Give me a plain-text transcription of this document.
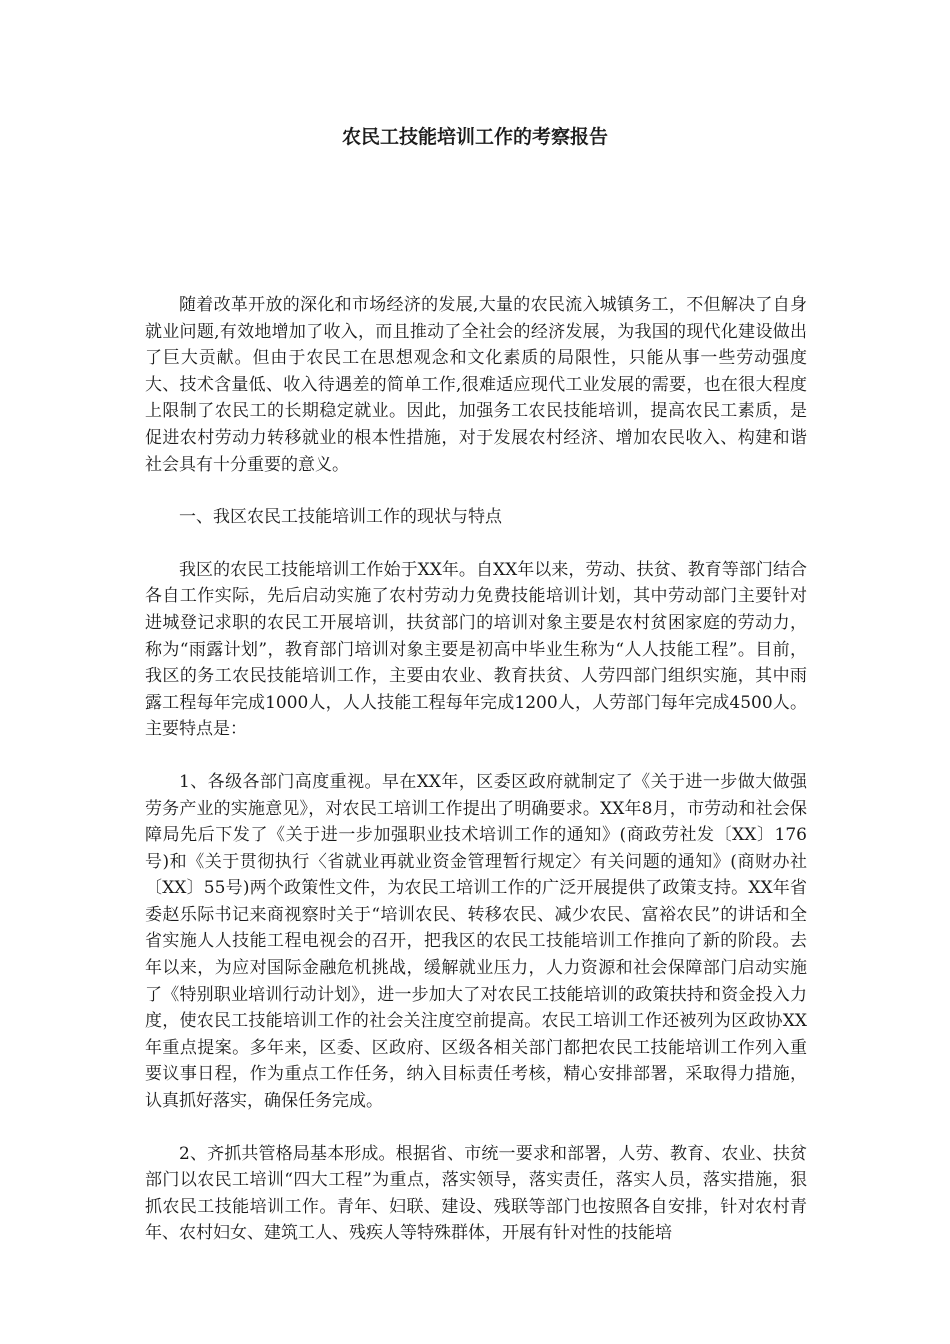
农民工技能培训工作的考察报告

随着改革开放的深化和市场经济的发展,大量的农民流入城镇务工，不但解决了自身就业问题,有效地增加了收入，而且推动了全社会的经济发展，为我国的现代化建设做出了巨大贡献。但由于农民工在思想观念和文化素质的局限性，只能从事一些劳动强度大、技术含量低、收入待遇差的简单工作,很难适应现代工业发展的需要，也在很大程度上限制了农民工的长期稳定就业。因此，加强务工农民技能培训，提高农民工素质，是促进农村劳动力转移就业的根本性措施，对于发展农村经济、增加农民收入、构建和谐社会具有十分重要的意义。

一、我区农民工技能培训工作的现状与特点

我区的农民工技能培训工作始于XX年。自XX年以来，劳动、扶贫、教育等部门结合各自工作实际，先后启动实施了农村劳动力免费技能培训计划，其中劳动部门主要针对进城登记求职的农民工开展培训，扶贫部门的培训对象主要是农村贫困家庭的劳动力，称为“雨露计划”，教育部门培训对象主要是初高中毕业生称为“人人技能工程”。目前，我区的务工农民技能培训工作，主要由农业、教育扶贫、人劳四部门组织实施，其中雨露工程每年完成1000人，人人技能工程每年完成1200人，人劳部门每年完成4500人。主要特点是：

1、各级各部门高度重视。早在XX年，区委区政府就制定了《关于进一步做大做强劳务产业的实施意见》，对农民工培训工作提出了明确要求。XX年8月，市劳动和社会保障局先后下发了《关于进一步加强职业技术培训工作的通知》(商政劳社发〔XX〕176号)和《关于贯彻执行〈省就业再就业资金管理暂行规定〉有关问题的通知》(商财办社〔XX〕55号)两个政策性文件，为农民工培训工作的广泛开展提供了政策支持。XX年省委赵乐际书记来商视察时关于“培训农民、转移农民、减少农民、富裕农民”的讲话和全省实施人人技能工程电视会的召开，把我区的农民工技能培训工作推向了新的阶段。去年以来，为应对国际金融危机挑战，缓解就业压力，人力资源和社会保障部门启动实施了《特别职业培训行动计划》，进一步加大了对农民工技能培训的政策扶持和资金投入力度，使农民工技能培训工作的社会关注度空前提高。农民工培训工作还被列为区政协XX年重点提案。多年来，区委、区政府、区级各相关部门都把农民工技能培训工作列入重要议事日程，作为重点工作任务，纳入目标责任考核，精心安排部署，采取得力措施，认真抓好落实，确保任务完成。

2、齐抓共管格局基本形成。根据省、市统一要求和部署，人劳、教育、农业、扶贫部门以农民工培训“四大工程”为重点，落实领导，落实责任，落实人员，落实措施，狠抓农民工技能培训工作。青年、妇联、建设、残联等部门也按照各自安排，针对农村青年、农村妇女、建筑工人、残疾人等特殊群体，开展有针对性的技能培
